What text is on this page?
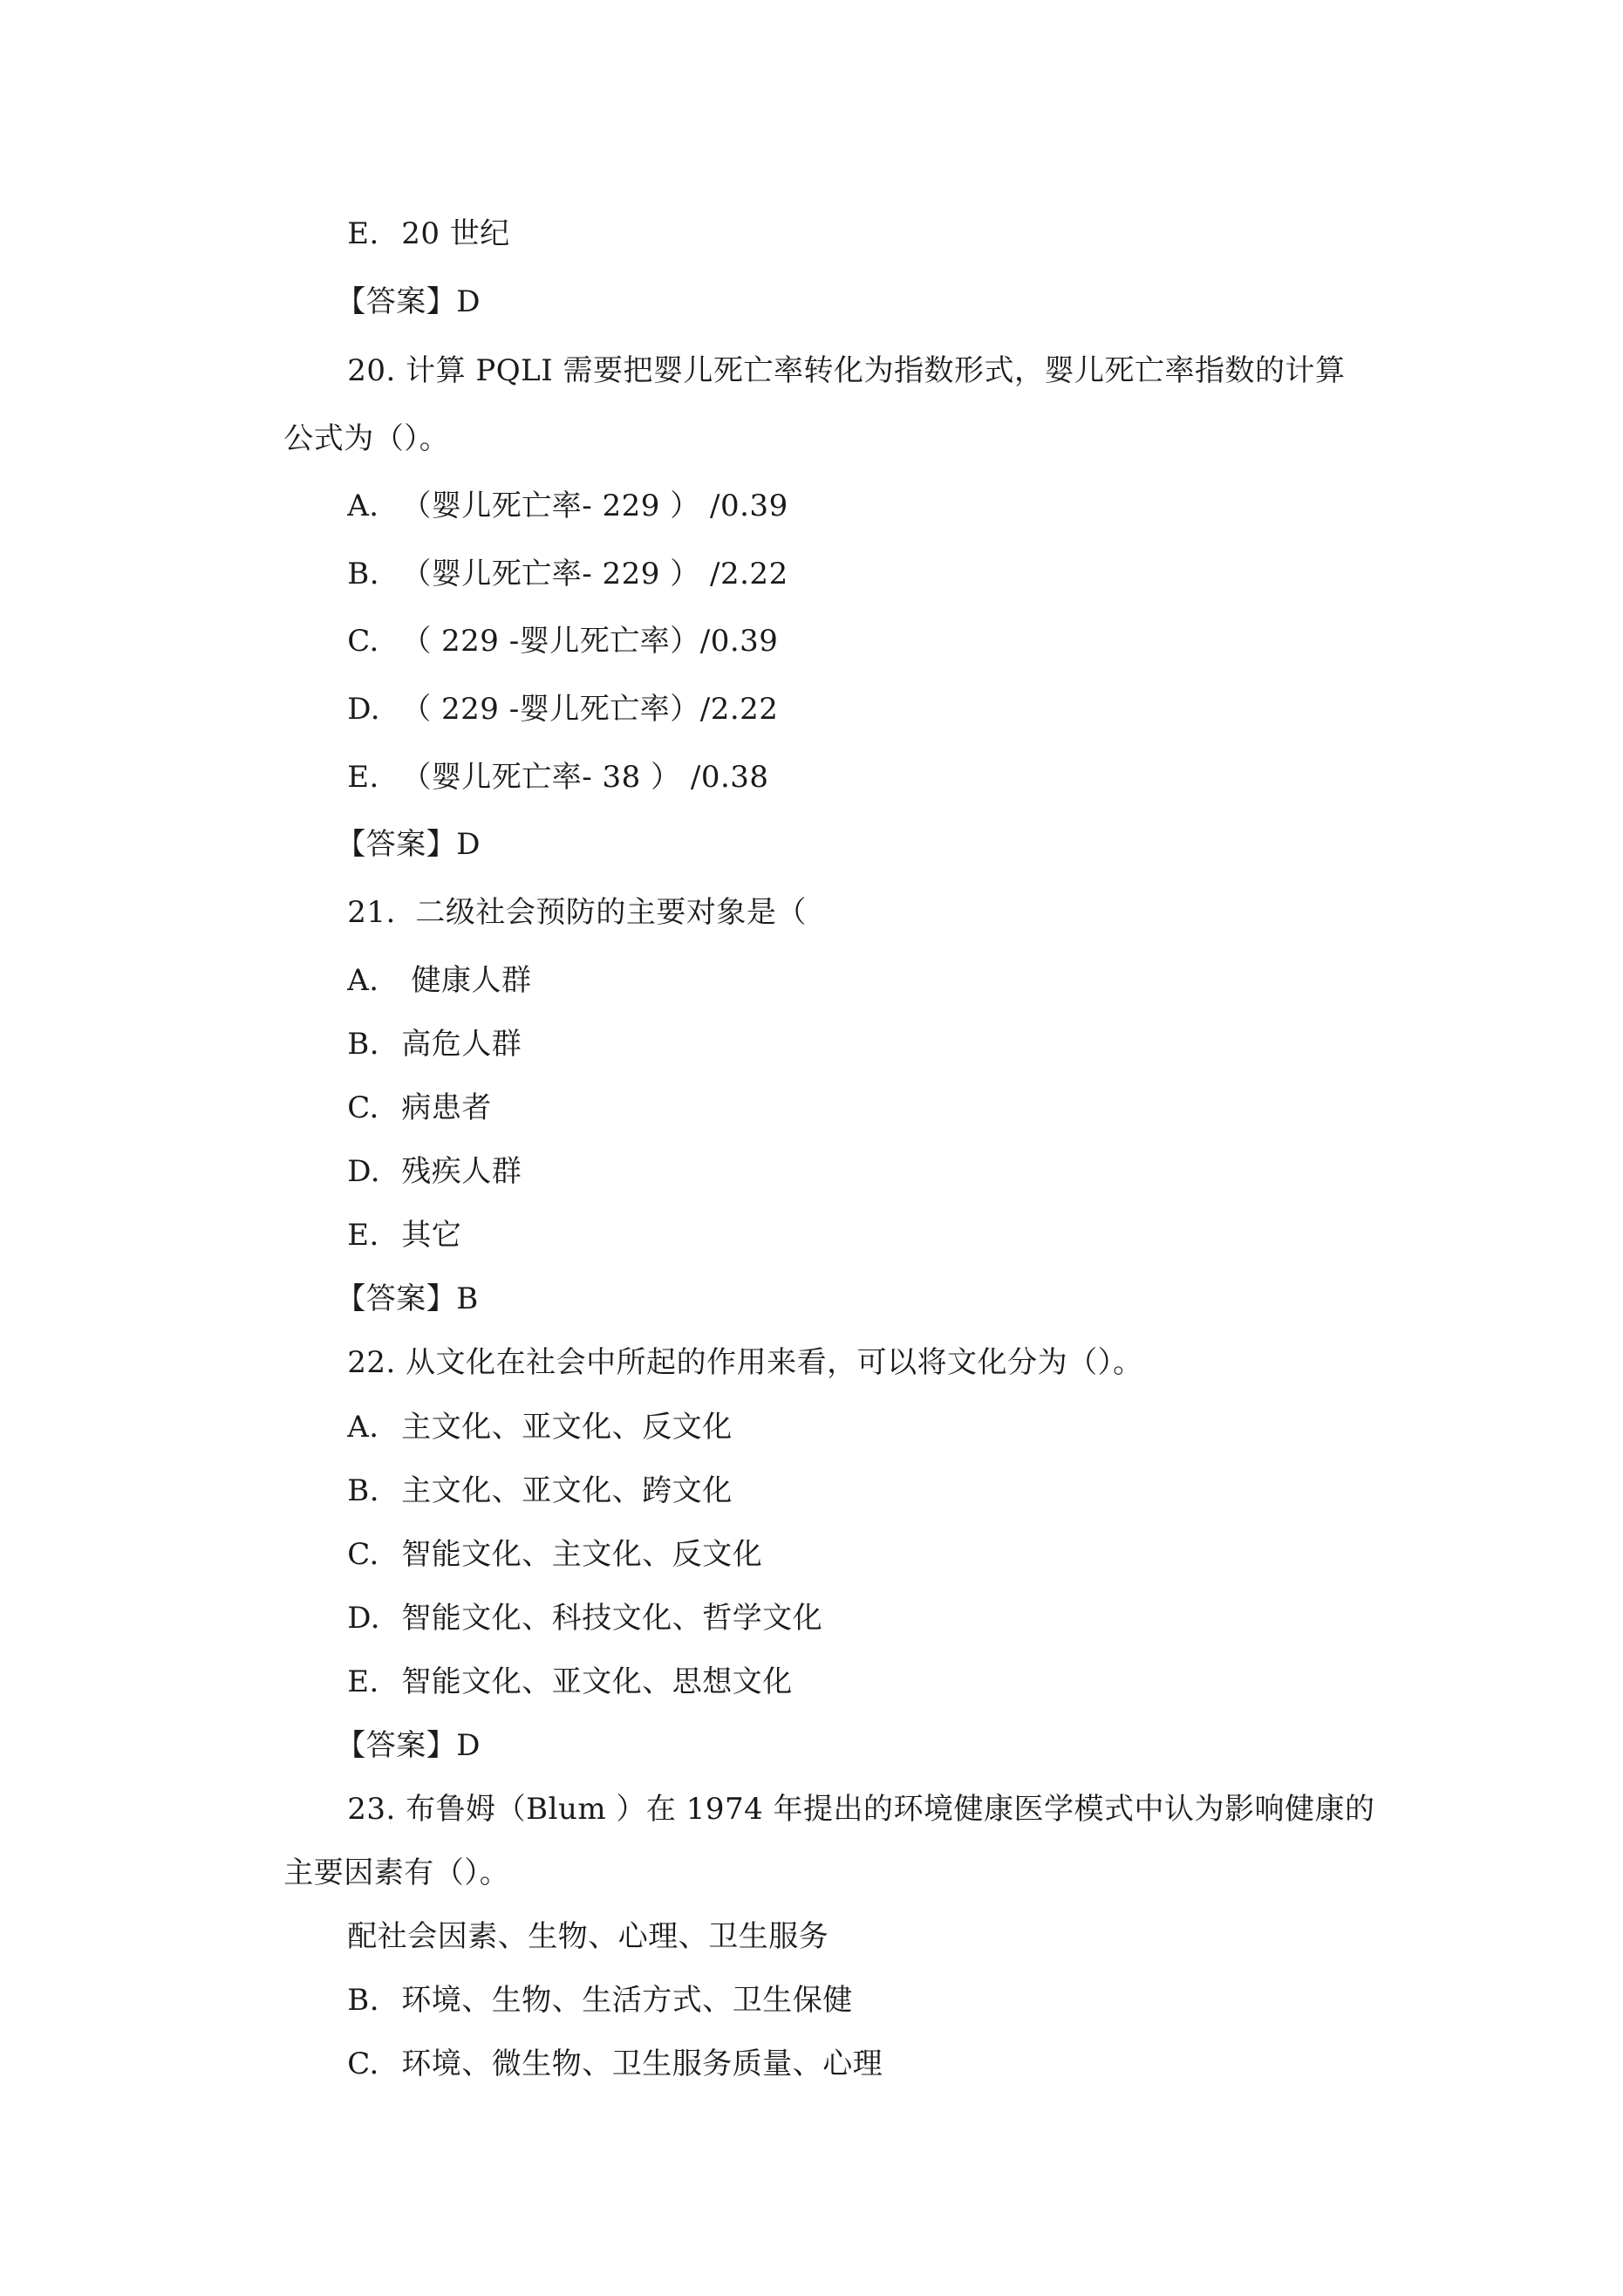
E. 20 世纪

【答案】D

20. 计算 PQLI 需要把婴儿死亡率转化为指数形式，婴儿死亡率指数的计算

公式为（）。

A. （婴儿死亡率- 229 ） /0.39

B. （婴儿死亡率- 229 ） /2.22

C. （ 229 -婴儿死亡率）/0.39

D. （ 229 -婴儿死亡率）/2.22

E. （婴儿死亡率- 38 ） /0.38

【答案】D

21.  二级社会预防的主要对象是（

A. 健康人群

B. 高危人群

C. 病患者

D. 残疾人群

E. 其它

【答案】B

22. 从文化在社会中所起的作用来看，可以将文化分为（）。

A. 主文化、亚文化、反文化

B. 主文化、亚文化、跨文化

C. 智能文化、主文化、反文化

D. 智能文化、科技文化、哲学文化

E. 智能文化、亚文化、思想文化

【答案】D

23. 布鲁姆（Blum ）在 1974 年提出的环境健康医学模式中认为影响健康的

主要因素有（）。

配社会因素、生物、心理、卫生服务

B. 环境、生物、生活方式、卫生保健

C. 环境、微生物、卫生服务质量、心理
